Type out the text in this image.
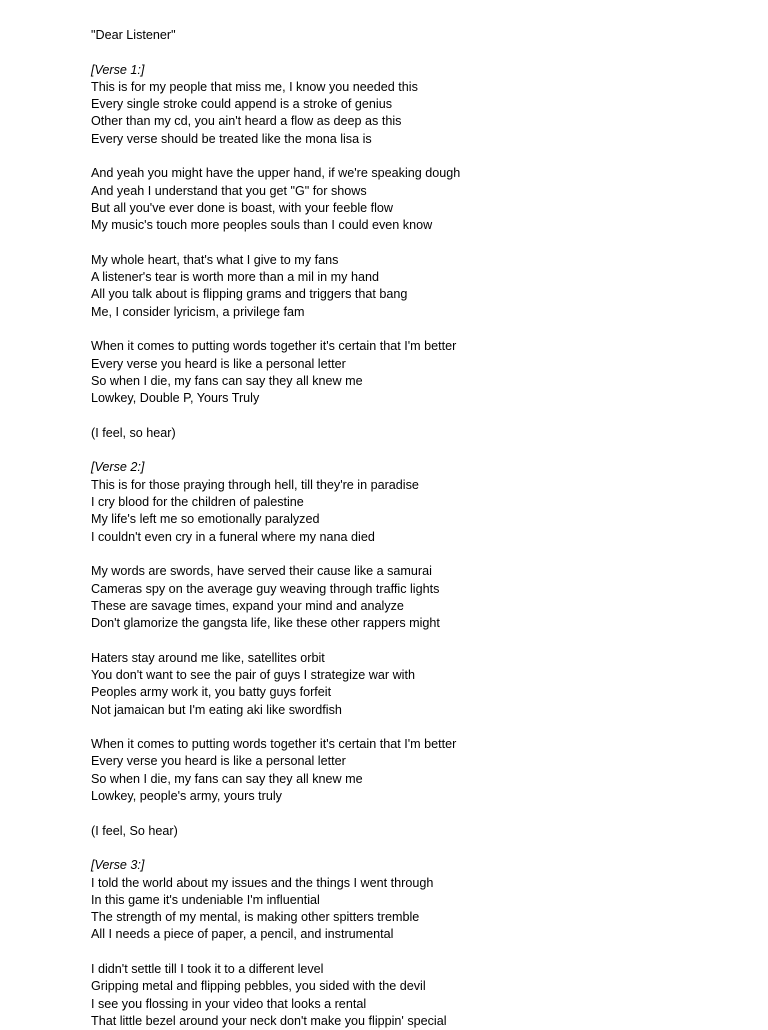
"Dear Listener"
[Verse 1:]
This is for my people that miss me, I know you needed this
Every single stroke could append is a stroke of genius
Other than my cd, you ain't heard a flow as deep as this
Every verse should be treated like the mona lisa is
And yeah you might have the upper hand, if we're speaking dough
And yeah I understand that you get "G" for shows
But all you've ever done is boast, with your feeble flow
My music's touch more peoples souls than I could even know
My whole heart, that's what I give to my fans
A listener's tear is worth more than a mil in my hand
All you talk about is flipping grams and triggers that bang
Me, I consider lyricism, a privilege fam
When it comes to putting words together it's certain that I'm better
Every verse you heard is like a personal letter
So when I die, my fans can say they all knew me
Lowkey, Double P, Yours Truly
(I feel, so hear)
[Verse 2:]
This is for those praying through hell, till they're in paradise
I cry blood for the children of palestine
My life's left me so emotionally paralyzed
I couldn't even cry in a funeral where my nana died
My words are swords, have served their cause like a samurai
Cameras spy on the average guy weaving through traffic lights
These are savage times, expand your mind and analyze
Don't glamorize the gangsta life, like these other rappers might
Haters stay around me like, satellites orbit
You don't want to see the pair of guys I strategize war with
Peoples army work it, you batty guys forfeit
Not jamaican but I'm eating aki like swordfish
When it comes to putting words together it's certain that I'm better
Every verse you heard is like a personal letter
So when I die, my fans can say they all knew me
Lowkey, people's army, yours truly
(I feel, So hear)
[Verse 3:]
I told the world about my issues and the things I went through
In this game it's undeniable I'm influential
The strength of my mental, is making other spitters tremble
All I needs a piece of paper, a pencil, and instrumental
I didn't settle till I took it to a different level
Gripping metal and flipping pebbles, you sided with the devil
I see you flossing in your video that looks a rental
That little bezel around your neck don't make you flippin' special
